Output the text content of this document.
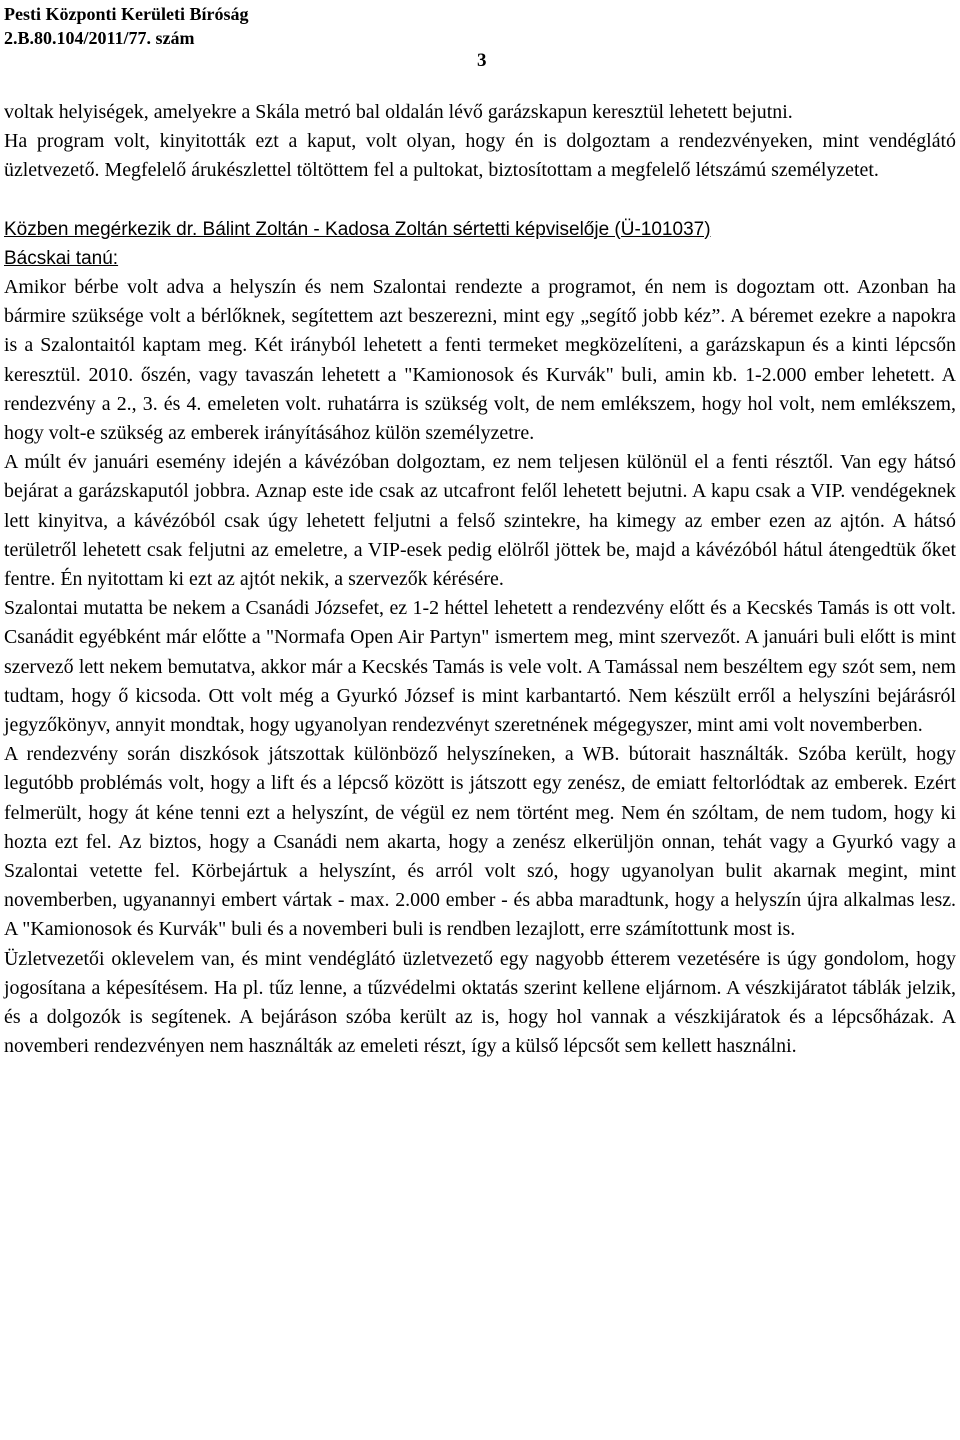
Pesti Központi Kerületi Bíróság
2.B.80.104/2011/77. szám
3

voltak helyiségek, amelyekre a Skála metró bal oldalán lévő garázskapun keresztül lehetett bejutni.

Ha program volt, kinyitották ezt a kaput, volt olyan, hogy én is dolgoztam a rendezvényeken, mint vendéglátó üzletvezető. Megfelelő árukészlettel töltöttem fel a pultokat, biztosítottam a megfelelő létszámú személyzetet.

Közben megérkezik dr. Bálint Zoltán - Kadosa Zoltán sértetti képviselője (Ü-101037)

Bácskai tanú:

Amikor bérbe volt adva a helyszín és nem Szalontai rendezte a programot, én nem is dogoztam ott. Azonban ha bármire szüksége volt a bérlőknek, segítettem azt beszerezni, mint egy „segítő jobb kéz”. A béremet ezekre a napokra is a Szalontaitól kaptam meg. Két irányból lehetett a fenti termeket megközelíteni, a garázskapun és a kinti lépcsőn keresztül. 2010. őszén, vagy tavaszán lehetett a "Kamionosok és Kurvák" buli, amin kb. 1-2.000 ember lehetett. A rendezvény a 2., 3. és 4. emeleten volt. ruhatárra is szükség volt, de nem emlékszem, hogy hol volt, nem emlékszem, hogy volt-e szükség az emberek irányításához külön személyzetre.

A múlt év januári esemény idején a kávézóban dolgoztam, ez nem teljesen különül el a fenti résztől. Van egy hátsó bejárat a garázskaputól jobbra. Aznap este ide csak az utcafront felől lehetett bejutni. A kapu csak a VIP. vendégeknek lett kinyitva, a kávézóból csak úgy lehetett feljutni a felső szintekre, ha kimegy az ember ezen az ajtón. A hátsó területről lehetett csak feljutni az emeletre, a VIP-esek pedig elölről jöttek be, majd a kávézóból hátul átengedtük őket fentre. Én nyitottam ki ezt az ajtót nekik, a szervezők kérésére.

Szalontai mutatta be nekem a Csanádi Józsefet, ez 1-2 héttel lehetett a rendezvény előtt és a Kecskés Tamás is ott volt. Csanádit egyébként már előtte a "Normafa Open Air Partyn" ismertem meg, mint szervezőt. A januári buli előtt is mint szervező lett nekem bemutatva, akkor már a Kecskés Tamás is vele volt. A Tamással nem beszéltem egy szót sem, nem tudtam, hogy ő kicsoda. Ott volt még a Gyurkó József is mint karbantartó. Nem készült erről a helyszíni bejárásról jegyzőkönyv, annyit mondtak, hogy ugyanolyan rendezvényt szeretnének mégegyszer, mint ami volt novemberben.

A rendezvény során diszkósok játszottak különböző helyszíneken, a WB. bútorait használták. Szóba került, hogy legutóbb problémás volt, hogy a lift és a lépcső között is játszott egy zenész, de emiatt feltorlódtak az emberek. Ezért felmerült, hogy át kéne tenni ezt a helyszínt, de végül ez nem történt meg. Nem én szóltam, de nem tudom, hogy ki hozta ezt fel. Az biztos, hogy a Csanádi nem akarta, hogy a zenész elkerüljön onnan, tehát vagy a Gyurkó vagy a Szalontai vetette fel. Körbejártuk a helyszínt, és arról volt szó, hogy ugyanolyan bulit akarnak megint, mint novemberben, ugyanannyi embert vártak - max. 2.000 ember - és abba maradtunk, hogy a helyszín újra alkalmas lesz. A "Kamionosok és Kurvák" buli és a novemberi buli is rendben lezajlott, erre számítottunk most is.

Üzletvezetői oklevelem van, és mint vendéglátó üzletvezető egy nagyobb étterem vezetésére is úgy gondolom, hogy jogosítana a képesítésem. Ha pl. tűz lenne, a tűzvédelmi oktatás szerint kellene eljárnom. A vészkijáratot táblák jelzik, és a dolgozók is segítenek. A bejáráson szóba került az is, hogy hol vannak a vészkijáratok és a lépcsőházak. A novemberi rendezvényen nem használták az emeleti részt, így a külső lépcsőt sem kellett használni.
